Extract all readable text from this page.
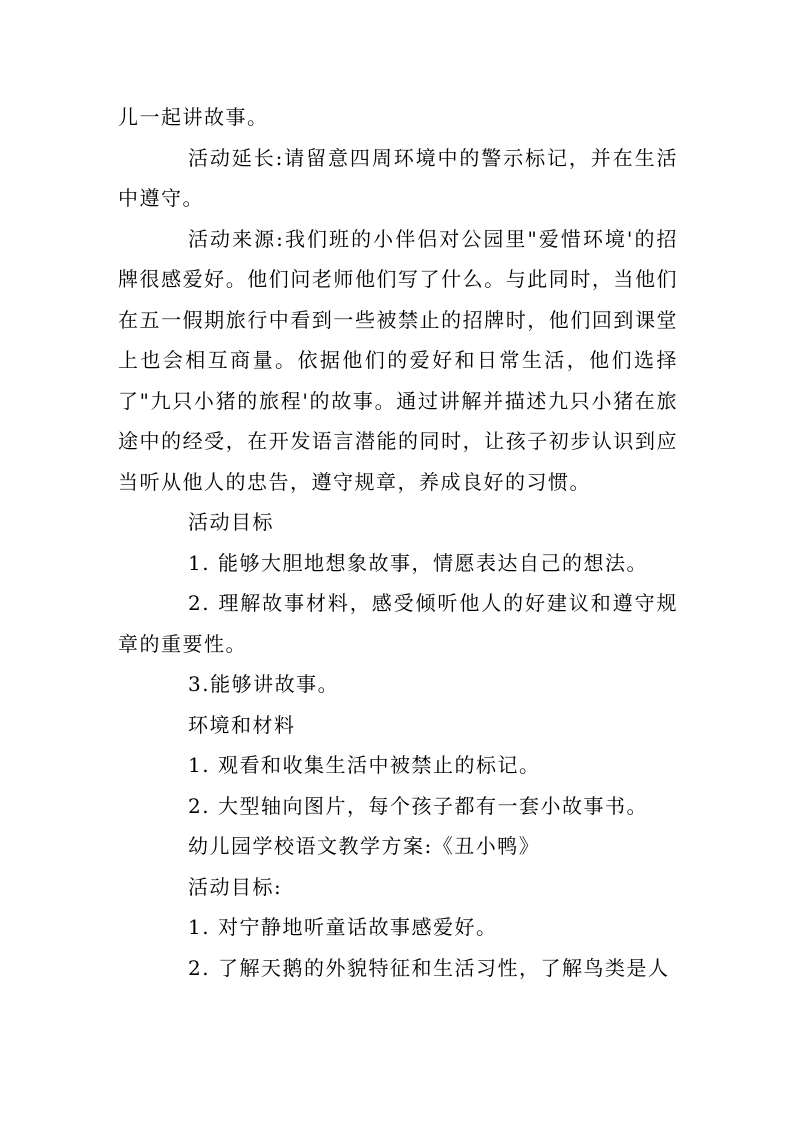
儿一起讲故事。

活动延长:请留意四周环境中的警示标记，并在生活中遵守。

活动来源:我们班的小伴侣对公园里"爱惜环境'的招牌很感爱好。他们问老师他们写了什么。与此同时，当他们在五一假期旅行中看到一些被禁止的招牌时，他们回到课堂上也会相互商量。依据他们的爱好和日常生活，他们选择了"九只小猪的旅程'的故事。通过讲解并描述九只小猪在旅途中的经受，在开发语言潜能的同时，让孩子初步认识到应当听从他人的忠告，遵守规章，养成良好的习惯。

活动目标

1. 能够大胆地想象故事，情愿表达自己的想法。

2. 理解故事材料，感受倾听他人的好建议和遵守规章的重要性。

3.能够讲故事。

环境和材料

1. 观看和收集生活中被禁止的标记。

2. 大型轴向图片，每个孩子都有一套小故事书。

幼儿园学校语文教学方案:《丑小鸭》

活动目标:

1. 对宁静地听童话故事感爱好。

2. 了解天鹅的外貌特征和生活习性，了解鸟类是人
